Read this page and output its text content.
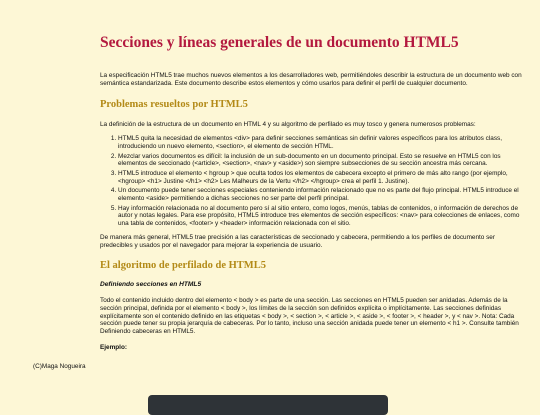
Secciones y líneas generales de un documento HTML5

La especificación HTML5 trae muchos nuevos elementos a los desarrolladores web, permitiéndoles describir la estructura de un documento web con semántica estandarizada. Este documento describe estos elementos y cómo usarlos para definir el perfil de cualquier documento.

Problemas resueltos por HTML5

La definición de la estructura de un documento en HTML 4 y su algoritmo de perfilado es muy tosco y genera numerosos problemas:

1. HTML5 quita la necesidad de elementos <div> para definir secciones semánticas sin definir valores específicos para los atributos class, introduciendo un nuevo elemento, <section>, el elemento de sección HTML.
2. Mezclar varios documentos es difícil: la inclusión de un sub-documento en un documento principal. Esto se resuelve en HTML5 con los elementos de seccionado (<article>, <section>, <nav> y <aside>) son siempre subsecciones de su sección ancestra más cercana.
3. HTML5 introduce el elemento < hgroup > que oculta todos los elementos de cabecera excepto el primero de más alto rango (por ejemplo, <hgroup> <h1> Justine </h1> <h2> Les Malheurs de la Vertu </h2> </hgroup> crea el perfil 1. Justine).
4. Un documento puede tener secciones especiales conteniendo información relacionado que no es parte del flujo principal. HTML5 introduce el elemento <aside> permitiendo a dichas secciones no ser parte del perfil principal.
5. Hay información relacionada no al documento pero sí al sitio entero, como logos, menús, tablas de contenidos, o información de derechos de autor y notas legales. Para ese propósito, HTML5 introduce tres elementos de sección específicos: <nav> para colecciones de enlaces, como una tabla de contenidos, <footer> y <header> información relacionada con el sitio.

De manera más general, HTML5 trae precisión a las características de seccionado y cabecera, permitiendo a los perfiles de documento ser predecibles y usados por el navegador para mejorar la experiencia de usuario.

El algoritmo de perfilado de HTML5
Definiendo secciones en HTML5

Todo el contenido incluido dentro del elemento < body > es parte de una sección. Las secciones en HTML5 pueden ser anidadas. Además de la sección principal, definida por el elemento < body >, los límites de la sección son definidos explícita o implícitamente. Las secciones definidas explícitamente son el contenido definido en las etiquetas < body >, < section >, < article >, < aside >, < footer >, < header >, y < nav >. Nota: Cada sección puede tener su propia jerarquía de cabeceras. Por lo tanto, incluso una sección anidada puede tener un elemento < h1 >. Consulte también Definiendo cabeceras en HTML5.

Ejemplo:
(C)Maga Nogueira
